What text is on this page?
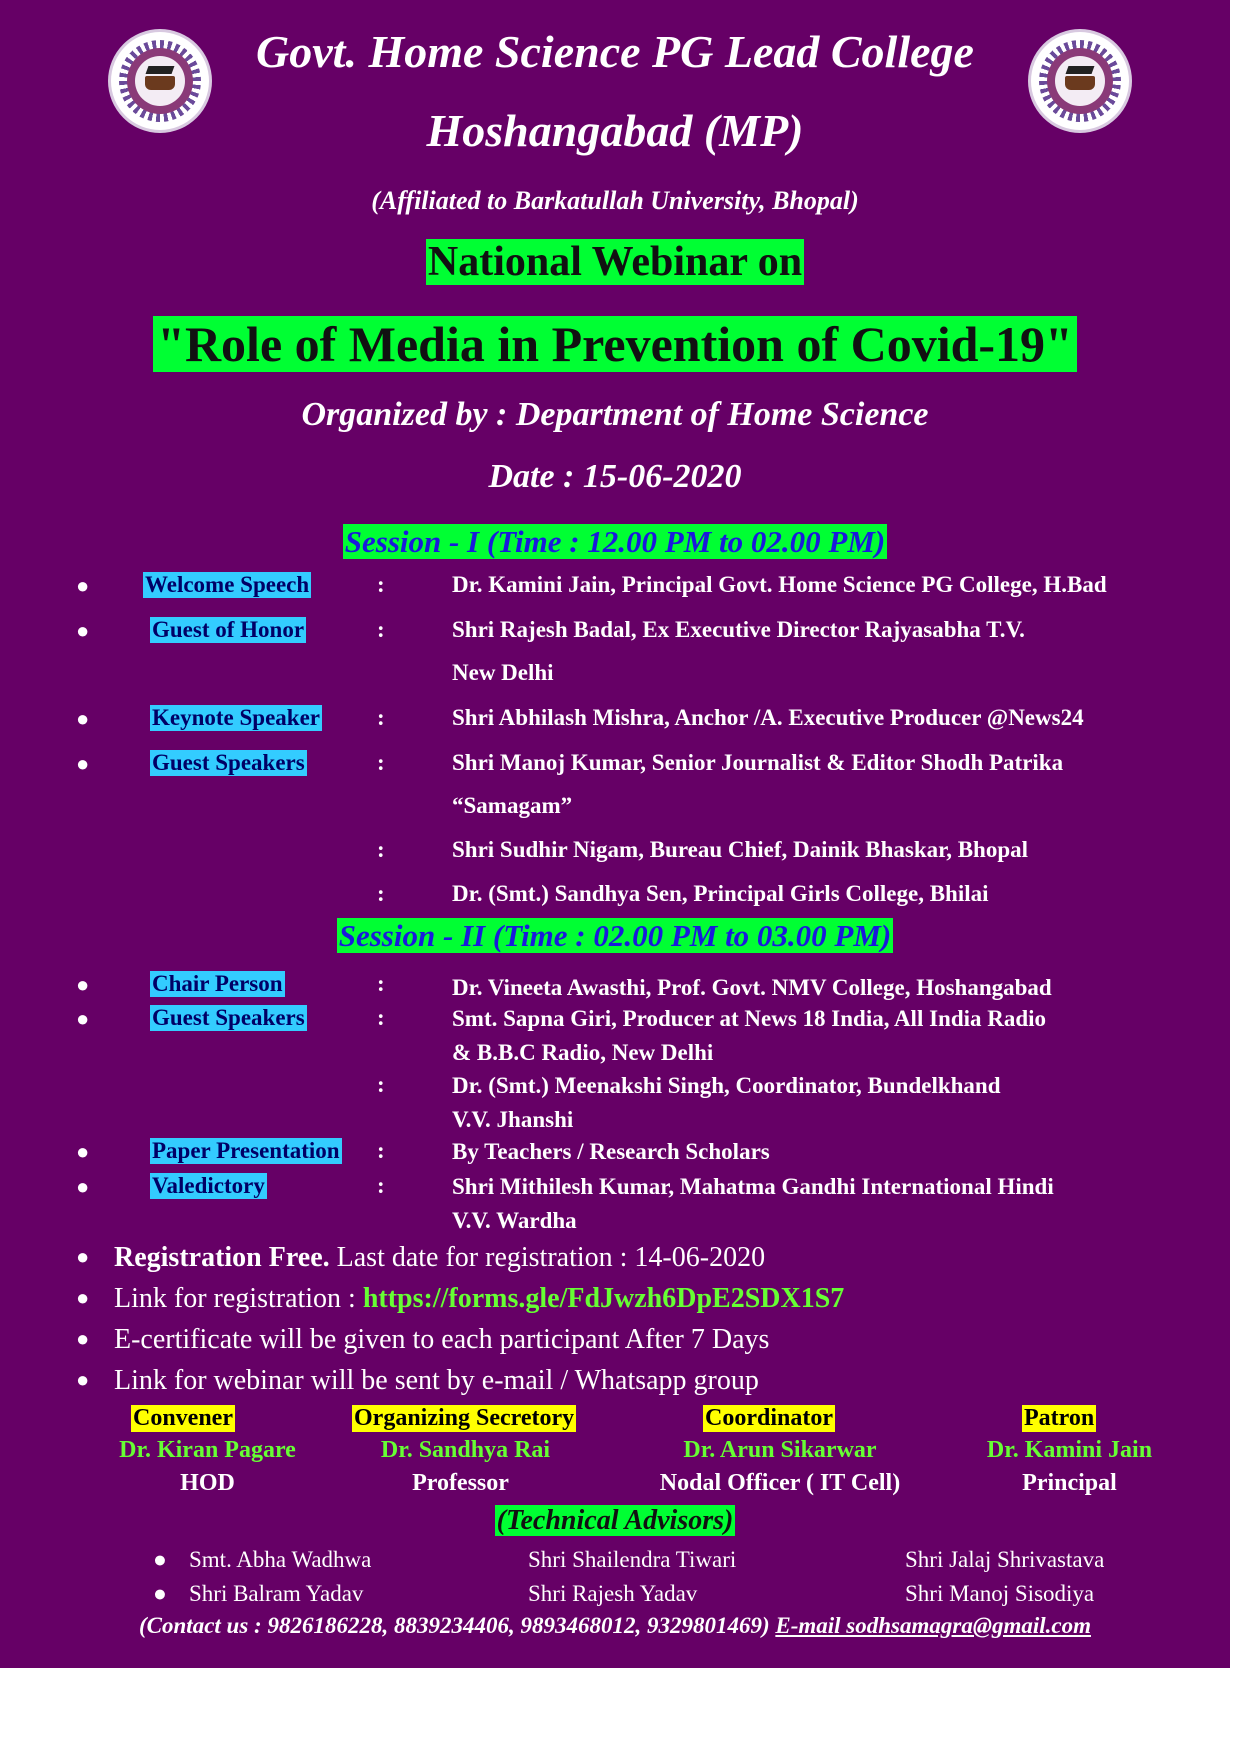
Govt. Home Science PG Lead College
Hoshangabad (MP)
(Affiliated to Barkatullah University, Bhopal)
National Webinar on
"Role of Media in Prevention of Covid-19"
Organized by : Department of Home Science
Date : 15-06-2020
Session - I (Time : 12.00 PM to 02.00 PM)
● Welcome Speech	:	Dr. Kamini Jain, Principal Govt. Home Science PG College, H.Bad
●	Guest of Honor	:	Shri Rajesh Badal, Ex Executive Director Rajyasabha T.V.
New Delhi
●	Keynote Speaker :	Shri Abhilash Mishra, Anchor /A. Executive Producer @News24
●	Guest Speakers	:	Shri Manoj Kumar, Senior Journalist & Editor Shodh Patrika
“Samagam”
:	Shri Sudhir Nigam, Bureau Chief, Dainik Bhaskar, Bhopal
:	Dr. (Smt.) Sandhya Sen, Principal Girls College, Bhilai
Session - II (Time : 02.00 PM to 03.00 PM)
●	Chair Person	:	Dr. Vineeta Awasthi, Prof. Govt. NMV College, Hoshangabad
●	Guest Speakers	:	Smt. Sapna Giri, Producer at News 18 India, All India Radio
& B.B.C Radio, New Delhi
:	Dr. (Smt.) Meenakshi Singh, Coordinator, Bundelkhand
V.V. Jhanshi
●	Paper Presentation :	By Teachers / Research Scholars
●	Valedictory	:	Shri Mithilesh Kumar, Mahatma Gandhi International Hindi
V.V. Wardha
● Registration Free. Last date for registration : 14-06-2020
● Link for registration : https://forms.gle/FdJwzh6DpE2SDX1S7
● E-certificate will be given to each participant After 7 Days
● Link for webinar will be sent by e-mail / Whatsapp group
Convener	Organizing Secretory	Coordinator	Patron
Dr. Kiran Pagare	Dr. Sandhya Rai	Dr. Arun Sikarwar	Dr. Kamini Jain
HOD	Professor	Nodal Officer ( IT Cell)	Principal
(Technical Advisors)
● Smt. Abha Wadhwa	Shri Shailendra Tiwari	Shri Jalaj Shrivastava
● Shri Balram Yadav	Shri Rajesh Yadav	Shri Manoj Sisodiya
(Contact us : 9826186228, 8839234406, 9893468012, 9329801469) E-mail sodhsamagra@gmail.com
